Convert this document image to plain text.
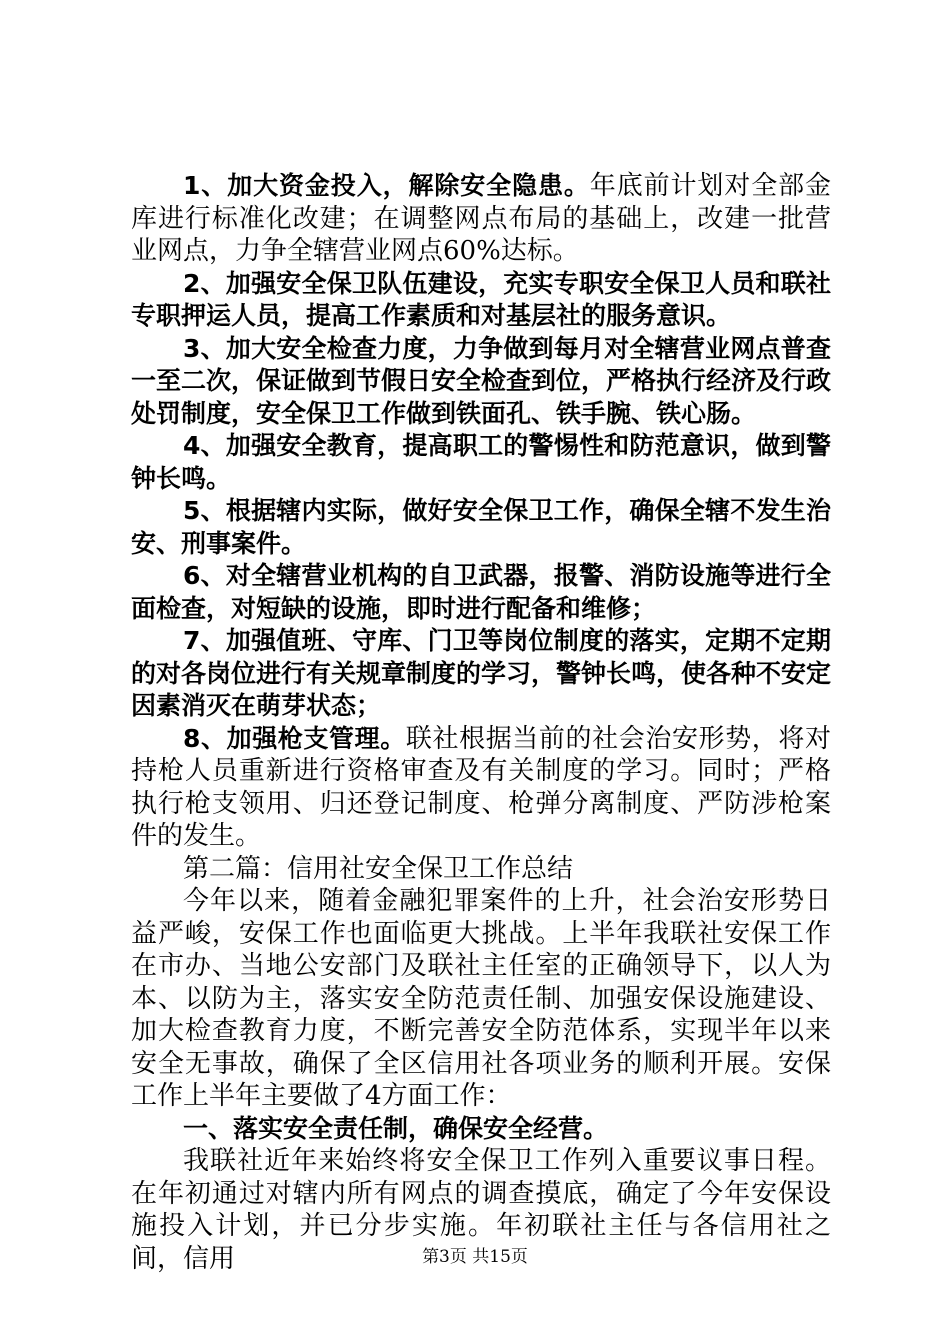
1、加大资金投入，解除安全隐患。年底前计划对全部金库进行标准化改建；在调整网点布局的基础上，改建一批营业网点，力争全辖营业网点60%达标。

2、加强安全保卫队伍建设，充实专职安全保卫人员和联社专职押运人员，提高工作素质和对基层社的服务意识。

3、加大安全检查力度，力争做到每月对全辖营业网点普查一至二次，保证做到节假日安全检查到位，严格执行经济及行政处罚制度，安全保卫工作做到铁面孔、铁手腕、铁心肠。

4、加强安全教育，提高职工的警惕性和防范意识，做到警钟长鸣。

5、根据辖内实际，做好安全保卫工作，确保全辖不发生治安、刑事案件。

6、对全辖营业机构的自卫武器，报警、消防设施等进行全面检查，对短缺的设施，即时进行配备和维修；

7、加强值班、守库、门卫等岗位制度的落实，定期不定期的对各岗位进行有关规章制度的学习，警钟长鸣，使各种不安定因素消灭在萌芽状态；

8、加强枪支管理。联社根据当前的社会治安形势，将对持枪人员重新进行资格审查及有关制度的学习。同时；严格执行枪支领用、归还登记制度、枪弹分离制度、严防涉枪案件的发生。

第二篇：信用社安全保卫工作总结

今年以来，随着金融犯罪案件的上升，社会治安形势日益严峻，安保工作也面临更大挑战。上半年我联社安保工作在市办、当地公安部门及联社主任室的正确领导下，以人为本、以防为主，落实安全防范责任制、加强安保设施建设、加大检查教育力度，不断完善安全防范体系，实现半年以来安全无事故，确保了全区信用社各项业务的顺利开展。安保工作上半年主要做了4方面工作：

一、落实安全责任制，确保安全经营。

我联社近年来始终将安全保卫工作列入重要议事日程。在年初通过对辖内所有网点的调查摸底，确定了今年安保设施投入计划，并已分步实施。年初联社主任与各信用社之间，信用	第3页 共15页
